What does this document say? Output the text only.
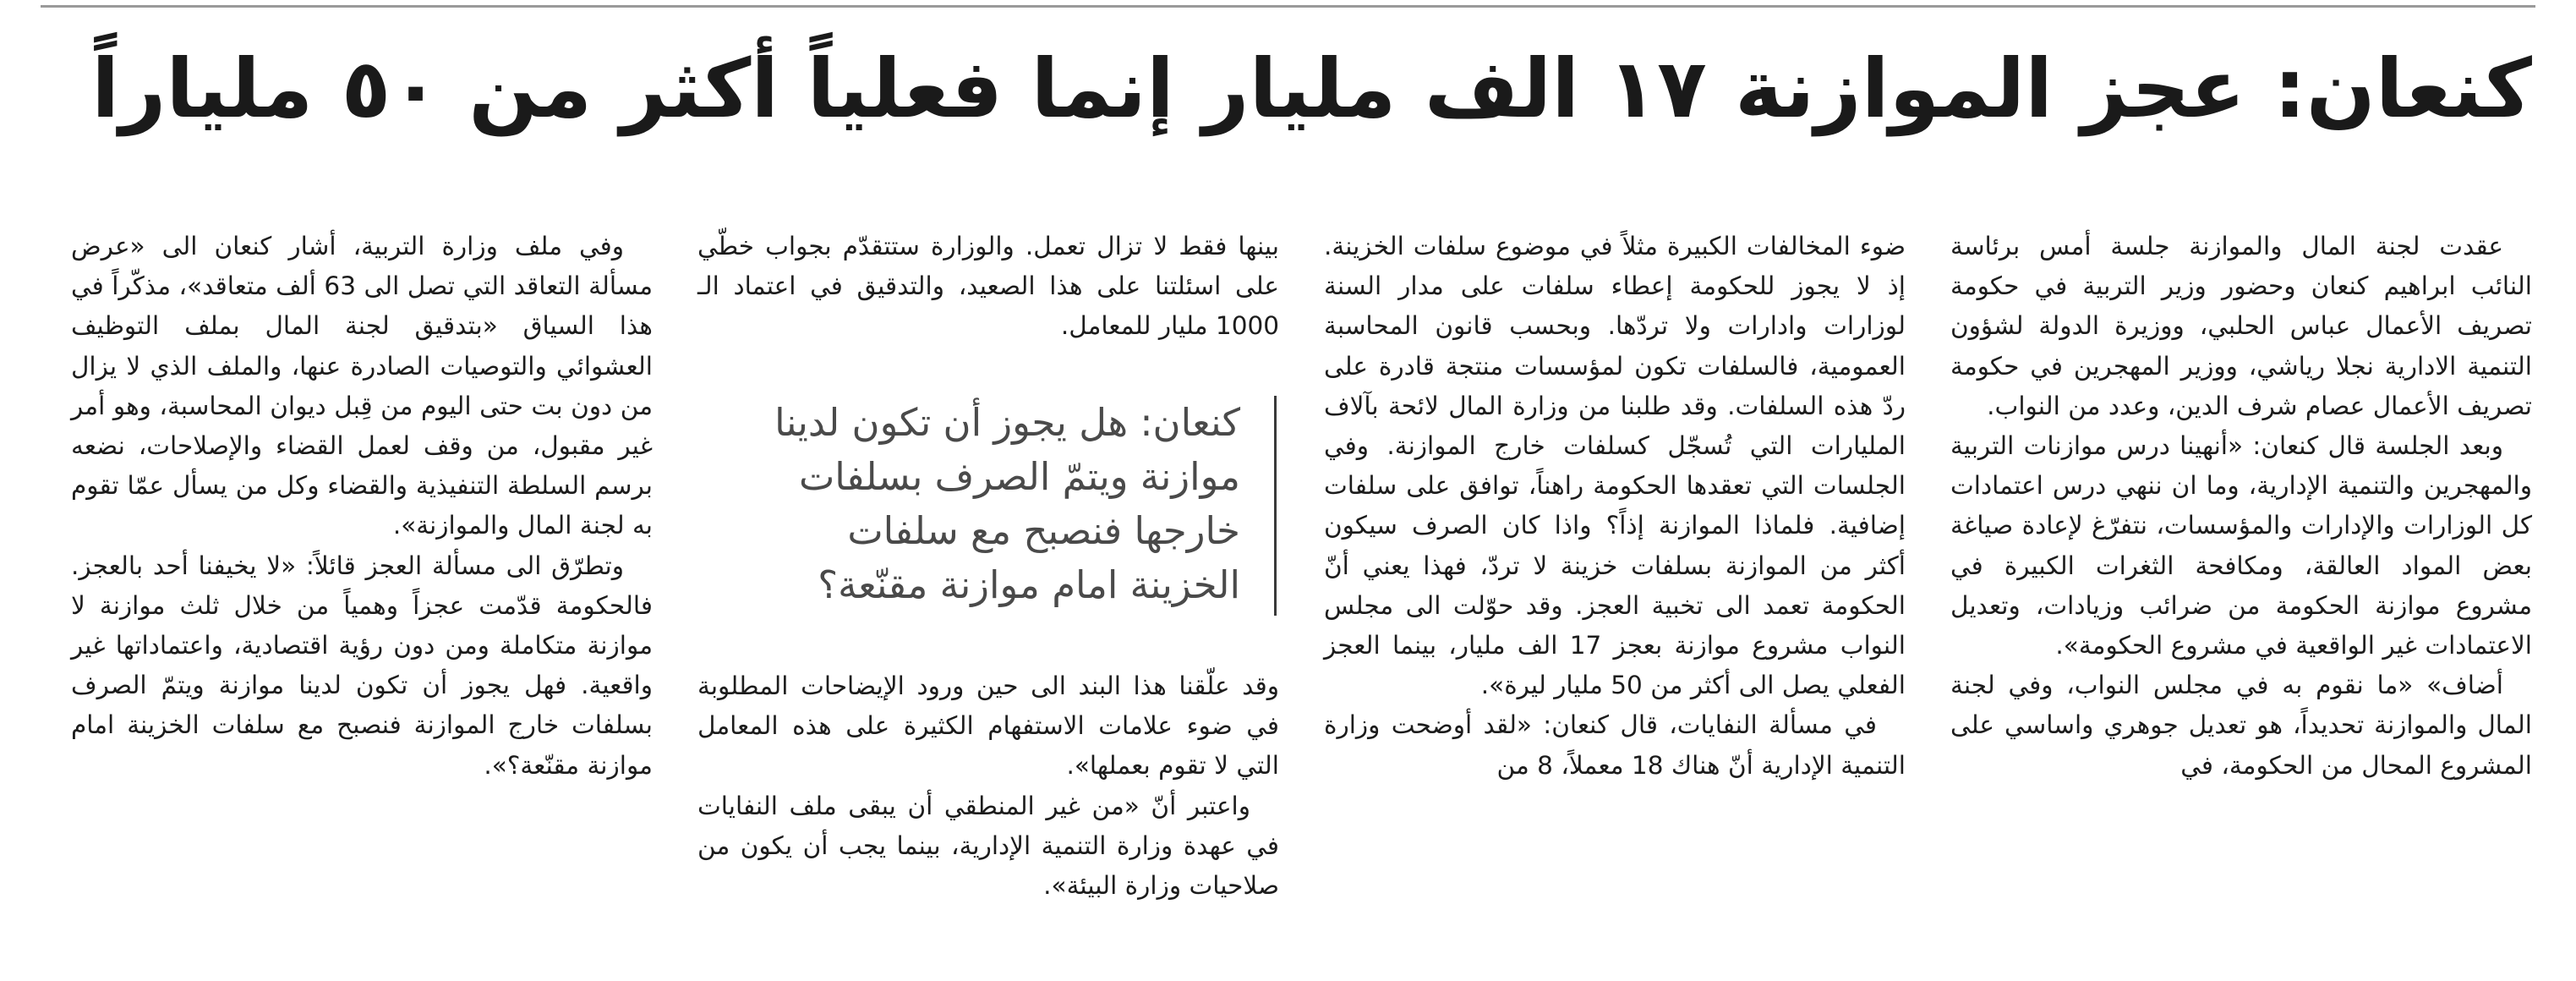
كنعان: عجز الموازنة ١٧ الف مليار إنما فعلياً أكثر من ٥٠ ملياراً

عقدت لجنة المال والموازنة جلسة أمس برئاسة النائب ابراهيم كنعان وحضور وزير التربية في حكومة تصريف الأعمال عباس الحلبي، ووزيرة الدولة لشؤون التنمية الادارية نجلا رياشي، ووزير المهجرين في حكومة تصريف الأعمال عصام شرف الدين، وعدد من النواب.

وبعد الجلسة قال كنعان: «أنهينا درس موازنات التربية والمهجرين والتنمية الإدارية، وما ان ننهي درس اعتمادات كل الوزارات والإدارات والمؤسسات، نتفرّغ لإعادة صياغة بعض المواد العالقة، ومكافحة الثغرات الكبيرة في مشروع موازنة الحكومة من ضرائب وزيادات، وتعديل الاعتمادات غير الواقعية في مشروع الحكومة».

أضاف» «ما نقوم به في مجلس النواب، وفي لجنة المال والموازنة تحديداً، هو تعديل جوهري واساسي على المشروع المحال من الحكومة، في

ضوء المخالفات الكبيرة مثلاً في موضوع سلفات الخزينة. إذ لا يجوز للحكومة إعطاء سلفات على مدار السنة لوزارات وادارات ولا تردّها. وبحسب قانون المحاسبة العمومية، فالسلفات تكون لمؤسسات منتجة قادرة على ردّ هذه السلفات. وقد طلبنا من وزارة المال لائحة بآلاف المليارات التي تُسجّل كسلفات خارج الموازنة. وفي الجلسات التي تعقدها الحكومة راهناً، توافق على سلفات إضافية. فلماذا الموازنة إذاً؟ واذا كان الصرف سيكون أكثر من الموازنة بسلفات خزينة لا تردّ، فهذا يعني أنّ الحكومة تعمد الى تخبية العجز. وقد حوّلت الى مجلس النواب مشروع موازنة بعجز 17 الف مليار، بينما العجز الفعلي يصل الى أكثر من 50 مليار ليرة».

في مسألة النفايات، قال كنعان: «لقد أوضحت وزارة التنمية الإدارية أنّ هناك 18 معملاً، 8 من

بينها فقط لا تزال تعمل. والوزارة ستتقدّم بجواب خطّي على اسئلتنا على هذا الصعيد، والتدقيق في اعتماد الـ 1000 مليار للمعامل.

وقد علّقنا هذا البند الى حين ورود الإيضاحات المطلوبة في ضوء علامات الاستفهام الكثيرة على هذه المعامل التي لا تقوم بعملها».

واعتبر أنّ «من غير المنطقي أن يبقى ملف النفايات في عهدة وزارة التنمية الإدارية، بينما يجب أن يكون من صلاحيات وزارة البيئة».

كنعان: هل يجوز أن تكون لدينا موازنة ويتمّ الصرف بسلفات خارجها فنصبح مع سلفات الخزينة امام موازنة مقنّعة؟

وفي ملف وزارة التربية، أشار كنعان الى «عرض مسألة التعاقد التي تصل الى 63 ألف متعاقد»، مذكّراً في هذا السياق «بتدقيق لجنة المال بملف التوظيف العشوائي والتوصيات الصادرة عنها، والملف الذي لا يزال من دون بت حتى اليوم من قِبل ديوان المحاسبة، وهو أمر غير مقبول، من وقف لعمل القضاء والإصلاحات، نضعه برسم السلطة التنفيذية والقضاء وكل من يسأل عمّا تقوم به لجنة المال والموازنة».

وتطرّق الى مسألة العجز قائلاً: «لا يخيفنا أحد بالعجز. فالحكومة قدّمت عجزاً وهمياً من خلال ثلث موازنة لا موازنة متكاملة ومن دون رؤية اقتصادية، واعتماداتها غير واقعية. فهل يجوز أن تكون لدينا موازنة ويتمّ الصرف بسلفات خارج الموازنة فنصبح مع سلفات الخزينة امام موازنة مقنّعة؟».
